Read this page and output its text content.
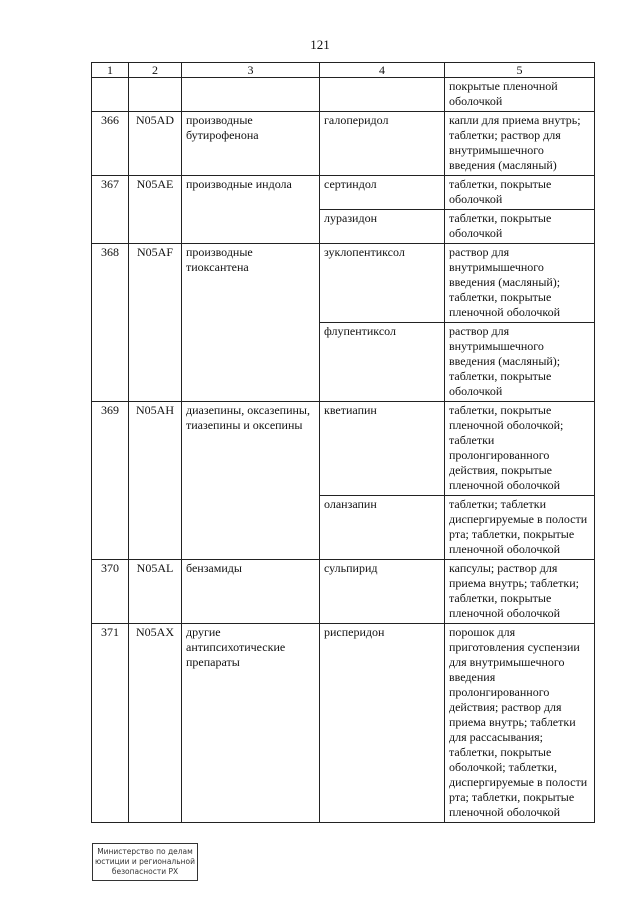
121
1	2	3	4	5
				покрытые пленочной оболочкой
366	N05AD	производные бутирофенона	галоперидол	капли для приема внутрь; таблетки; раствор для внутримышечного введения (масляный)
367	N05AE	производные индола	сертиндол	таблетки, покрытые оболочкой
			луразидон	таблетки, покрытые оболочкой
368	N05AF	производные тиоксантена	зуклопентиксол	раствор для внутримышечного введения (масляный); таблетки, покрытые пленочной оболочкой
			флупентиксол	раствор для внутримышечного введения (масляный); таблетки, покрытые оболочкой
369	N05AH	диазепины, оксазепины, тиазепины и оксепины	кветиапин	таблетки, покрытые пленочной оболочкой; таблетки пролонгированного действия, покрытые пленочной оболочкой
			оланзапин	таблетки; таблетки диспергируемые в полости рта; таблетки, покрытые пленочной оболочкой
370	N05AL	бензамиды	сульпирид	капсулы; раствор для приема внутрь; таблетки; таблетки, покрытые пленочной оболочкой
371	N05AX	другие антипсихотические препараты	рисперидон	порошок для приготовления суспензии для внутримышечного введения пролонгированного действия; раствор для приема внутрь; таблетки для рассасывания; таблетки, покрытые оболочкой; таблетки, диспергируемые в полости рта; таблетки, покрытые пленочной оболочкой
Министерство по делам
юстиции и региональной
безопасности РХ
